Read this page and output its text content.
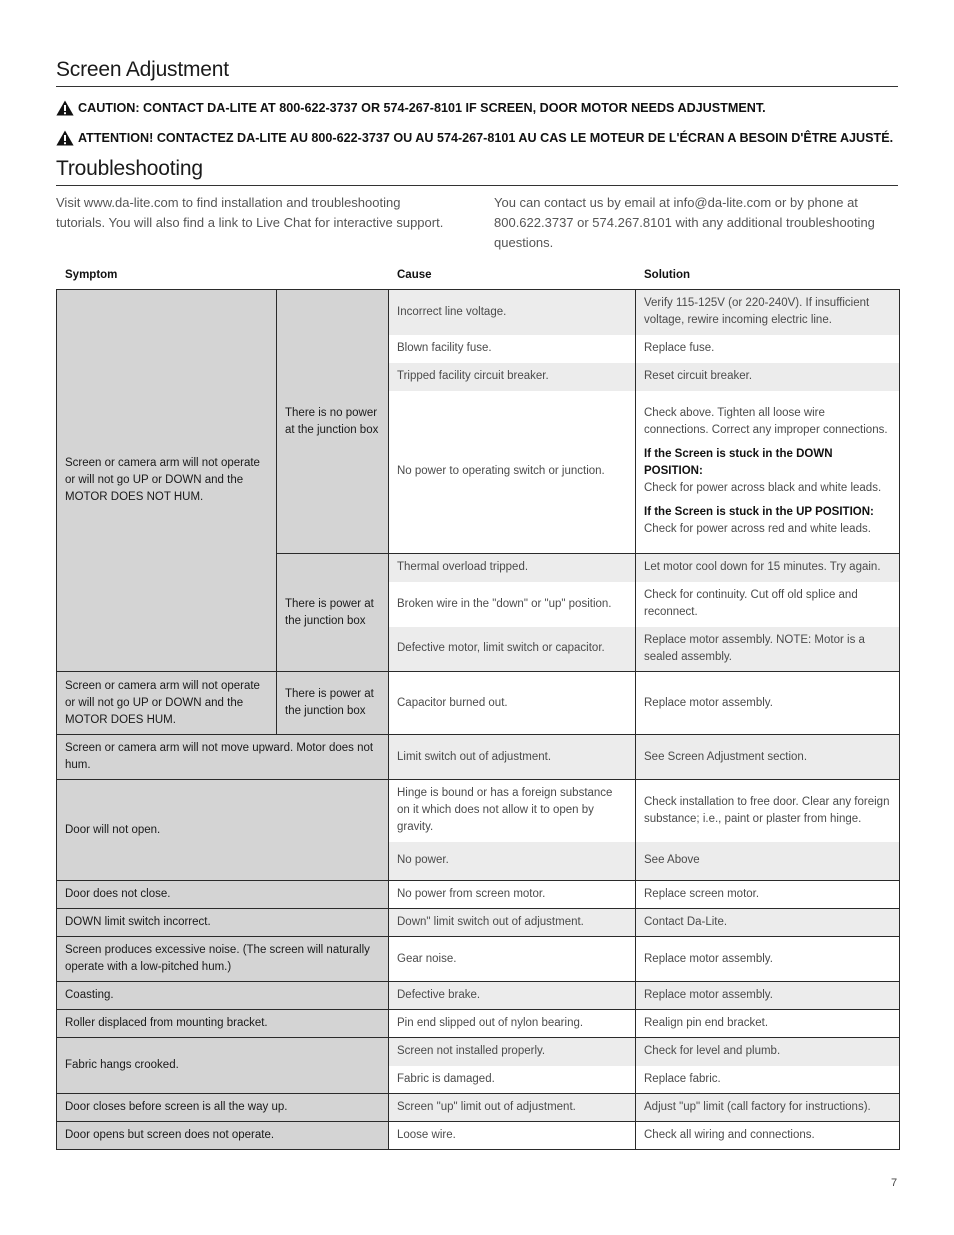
Screen Adjustment
CAUTION: CONTACT DA-LITE AT 800-622-3737 OR 574-267-8101 IF SCREEN, DOOR MOTOR NEEDS ADJUSTMENT.
ATTENTION! CONTACTEZ DA-LITE AU 800-622-3737 OU AU 574-267-8101 AU CAS LE MOTEUR DE L'ÉCRAN A BESOIN D'ÊTRE AJUSTÉ.
Troubleshooting
Visit www.da-lite.com to find installation and troubleshooting tutorials. You will also find a link to Live Chat for interactive support.
You can contact us by email at info@da-lite.com or by phone at 800.622.3737 or 574.267.8101 with any additional troubleshooting questions.
Symptom	Cause	Solution
Screen or camera arm will not operate or will not go UP or DOWN and the MOTOR DOES NOT HUM.	There is no power at the junction box	Incorrect line voltage.	Verify 115-125V (or 220-240V). If insufficient voltage, rewire incoming electric line.
		Blown facility fuse.	Replace fuse.
		Tripped facility circuit breaker.	Reset circuit breaker.
		No power to operating switch or junction.	Check above. Tighten all loose wire connections. Correct any improper connections.
If the Screen is stuck in the DOWN POSITION:
Check for power across black and white leads.
If the Screen is stuck in the UP POSITION:
Check for power across red and white leads.

	There is power at the junction box	Thermal overload tripped.	Let motor cool down for 15 minutes. Try again.
		Broken wire in the "down" or "up" position.	Check for continuity. Cut off old splice and reconnect.
		Defective motor, limit switch or capacitor.	Replace motor assembly. NOTE: Motor is a sealed assembly.
Screen or camera arm will not operate or will not go UP or DOWN and the MOTOR DOES HUM.	There is power at the junction box	Capacitor burned out.	Replace motor assembly.
Screen or camera arm will not move upward. Motor does not hum.		Limit switch out of adjustment.	See Screen Adjustment section.
Door will not open.		Hinge is bound or has a foreign substance on it which does not allow it to open by gravity.	Check installation to free door. Clear any foreign substance; i.e., paint or plaster from hinge.
		No power.	See Above
Door does not close.		No power from screen motor.	Replace screen motor.
DOWN limit switch incorrect.		Down" limit switch out of adjustment.	Contact Da-Lite.
Screen produces excessive noise. (The screen will naturally operate with a low-pitched hum.)		Gear noise.	Replace motor assembly.
Coasting.		Defective brake.	Replace motor assembly.
Roller displaced from mounting bracket.		Pin end slipped out of nylon bearing.	Realign pin end bracket.
Fabric hangs crooked.		Screen not installed properly.	Check for level and plumb.
		Fabric is damaged.	Replace fabric.
Door closes before screen is all the way up.		Screen "up" limit out of adjustment.	Adjust "up" limit (call factory for instructions).
Door opens but screen does not operate.		Loose wire.	Check all wiring and connections.
7
